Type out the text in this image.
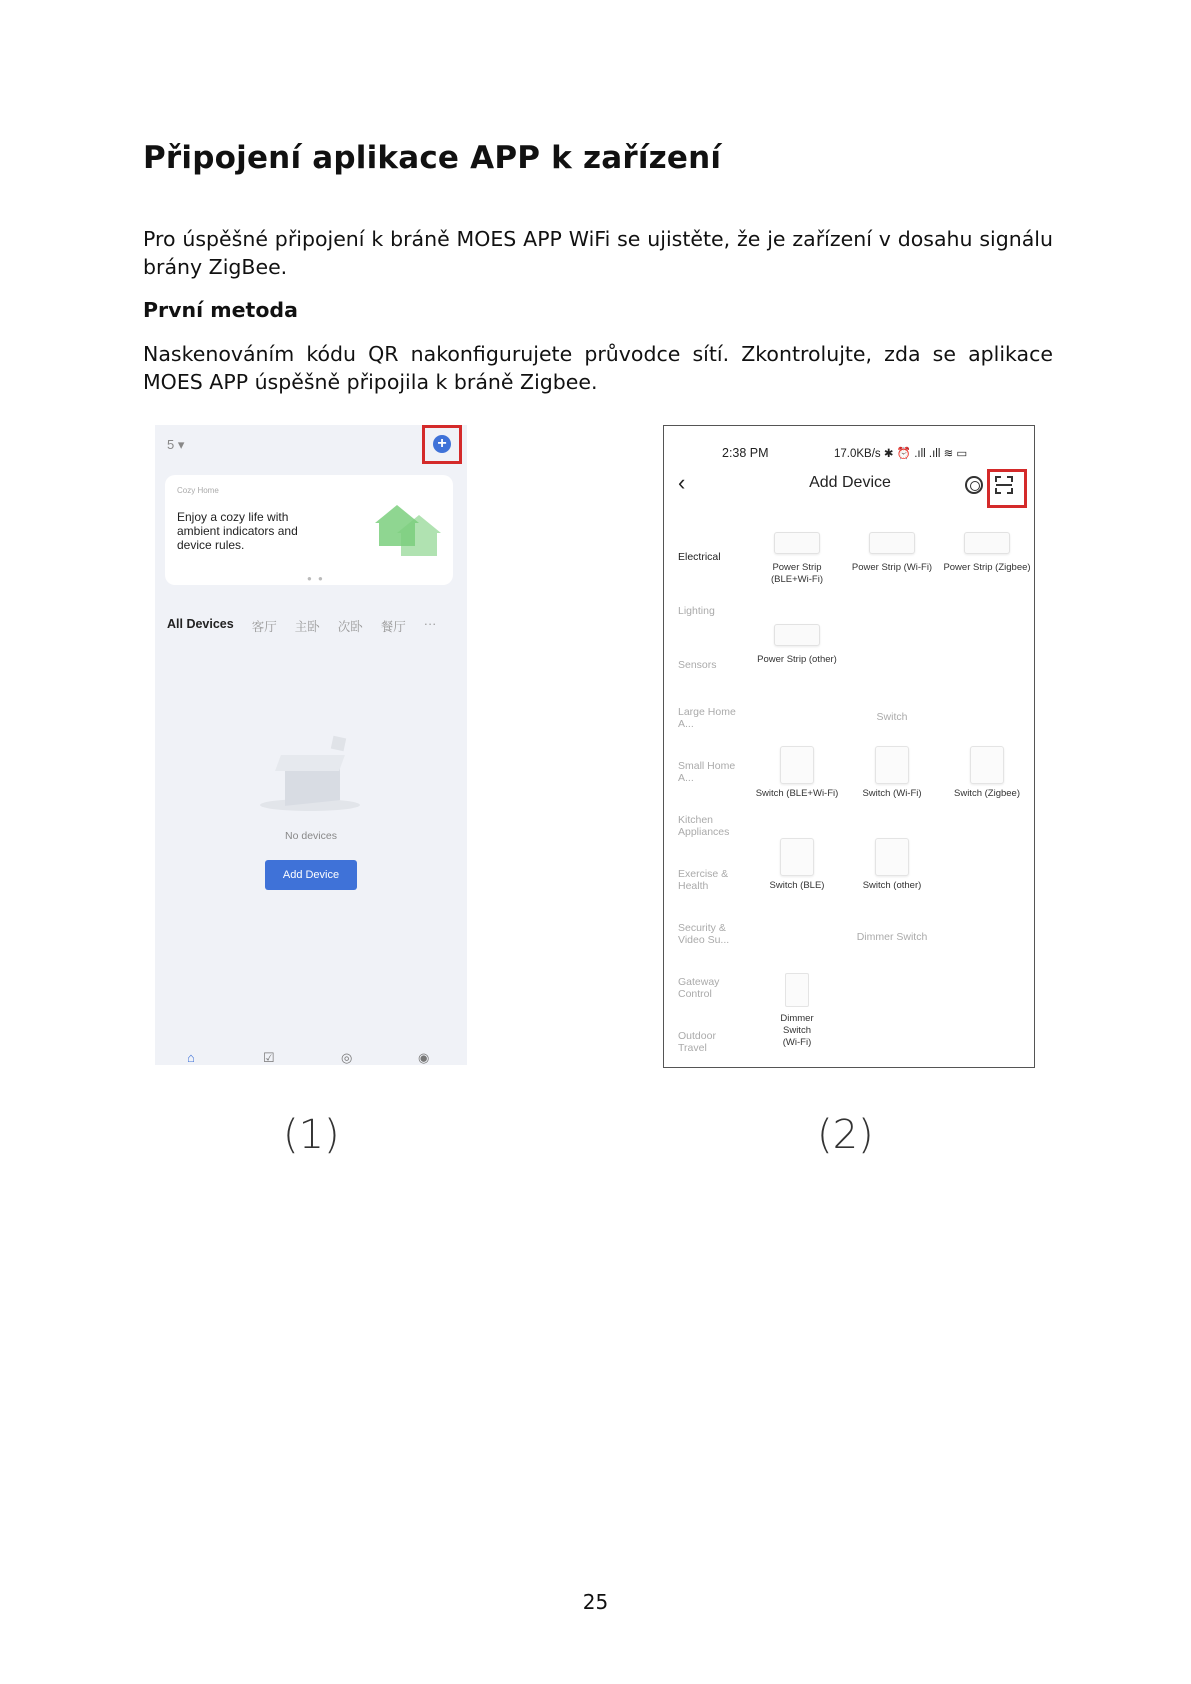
Připojení aplikace APP k zařízení

Pro úspěšné připojení k bráně MOES APP WiFi se ujistěte, že je zařízení v dosahu signálu brány ZigBee.

První metoda

Naskenováním kódu QR nakonfigurujete průvodce sítí. Zkontrolujte, zda se aplikace MOES APP úspěšně připojila k bráně Zigbee.

5 ▾	+
Cozy Home
Enjoy a cozy life with ambient indicators and device rules.
● ●
All Devices 客厅 主卧 次卧 餐厅 ···
No devices
Add Device
⌂	☑	◎	◉
2:38 PM	17.0KB/s ✱ ⏰ .ıll .ıll ≋ ▭
‹	Add Device
Electrical
Lighting
Sensors
Large Home A...
Small Home A...
Kitchen Appliances
Exercise & Health
Security & Video Su...
Gateway Control
Outdoor Travel
Power Strip (BLE+Wi-Fi)
Power Strip (Wi-Fi)	Power Strip (Zigbee)
Power Strip (other)
Switch
Switch (BLE+Wi-Fi)	Switch (Wi-Fi)	Switch (Zigbee)
Switch (BLE)	Switch (other)
Dimmer Switch
Dimmer Switch (Wi-Fi)
(1)	(2)
25
